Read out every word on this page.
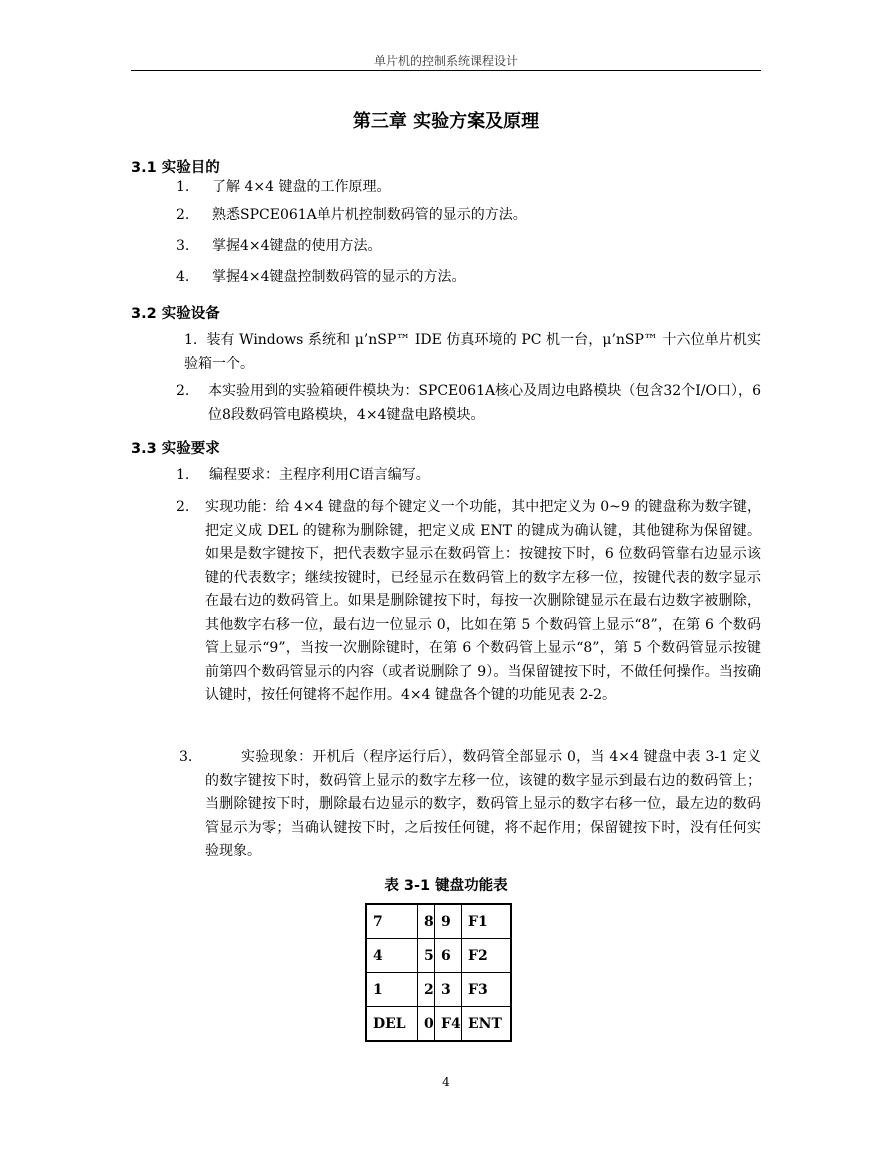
单片机的控制系统课程设计
第三章 实验方案及原理
3.1 实验目的
1.	了解 4×4 键盘的工作原理。
2.	熟悉SPCE061A单片机控制数码管的显示的方法。
3.	掌握4×4键盘的使用方法。
4.	掌握4×4键盘控制数码管的显示的方法。
3.2 实验设备
1. 装有 Windows 系统和 μ’nSP™ IDE 仿真环境的 PC 机一台，μ’nSP™ 十六位单片机实验箱一个。
2.	本实验用到的实验箱硬件模块为：SPCE061A核心及周边电路模块（包含32个I/O口），6位8段数码管电路模块，4×4键盘电路模块。
3.3 实验要求
1.	编程要求：主程序利用C语言编写。
2.	实现功能：给 4×4 键盘的每个键定义一个功能，其中把定义为 0~9 的键盘称为数字键，把定义成 DEL 的键称为删除键，把定义成 ENT 的键成为确认键，其他键称为保留键。如果是数字键按下，把代表数字显示在数码管上：按键按下时，6 位数码管靠右边显示该键的代表数字；继续按键时，已经显示在数码管上的数字左移一位，按键代表的数字显示在最右边的数码管上。如果是删除键按下时，每按一次删除键显示在最右边数字被删除，其他数字右移一位，最右边一位显示 0，比如在第 5 个数码管上显示“8”，在第 6 个数码管上显示“9”，当按一次删除键时，在第 6 个数码管上显示“8”，第 5 个数码管显示按键前第四个数码管显示的内容（或者说删除了 9）。当保留键按下时，不做任何操作。当按确认键时，按任何键将不起作用。4×4 键盘各个键的功能见表 2-2。
3.	实验现象：开机后（程序运行后），数码管全部显示 0，当 4×4 键盘中表 3-1 定义的数字键按下时，数码管上显示的数字左移一位，该键的数字显示到最右边的数码管上；当删除键按下时，删除最右边显示的数字，数码管上显示的数字右移一位，最左边的数码管显示为零；当确认键按下时，之后按任何键，将不起作用；保留键按下时，没有任何实验现象。
表 3-1 键盘功能表
7	8	9	F1
4	5	6	F2
1	2	3	F3
DEL	0	F4	ENT
4
